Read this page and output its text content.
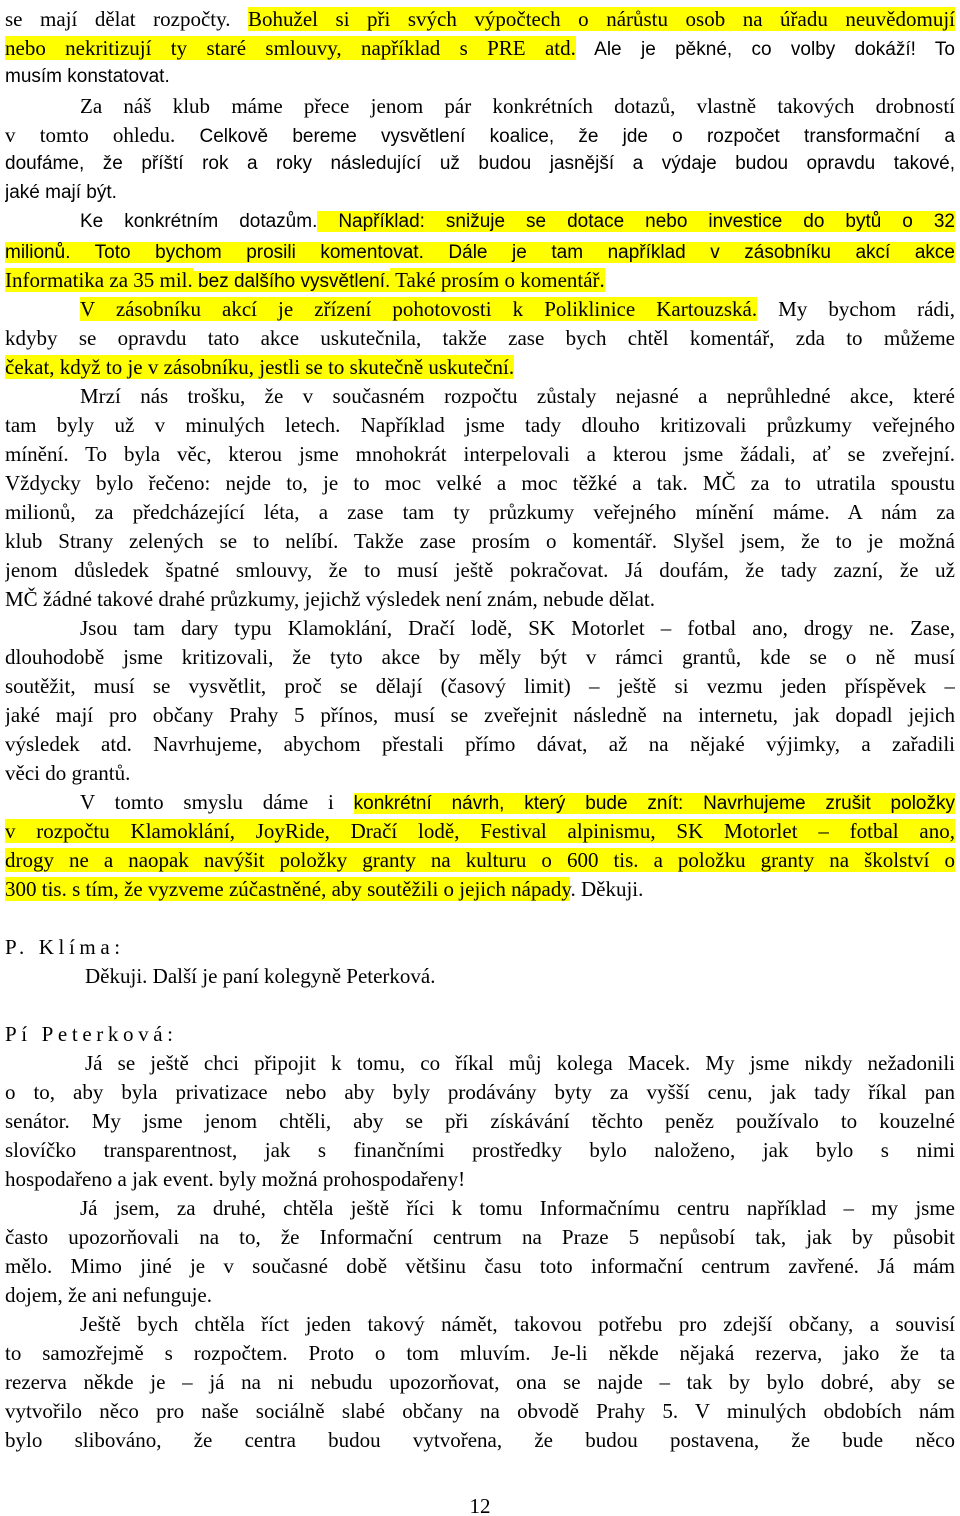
se mají dělat rozpočty. Bohužel si při svých výpočtech o nárůstu osob na úřadu neuvědomují
nebo nekritizují ty staré smlouvy, například s PRE atd. Ale je pěkné, co volby dokáží! To
musím konstatovat.
Za náš klub máme přece jenom pár konkrétních dotazů, vlastně takových drobností
v tomto ohledu. Celkově bereme vysvětlení koalice, že jde o rozpočet transformační a
doufáme, že příští rok a roky následující už budou jasnější a výdaje budou opravdu takové,
jaké mají být.
Ke konkrétním dotazům. Například: snižuje se dotace nebo investice do bytů o 32
milionů. Toto bychom prosili komentovat. Dále je tam například v zásobníku akcí akce
Informatika za 35 mil. bez dalšího vysvětlení. Také prosím o komentář.
V zásobníku akcí je zřízení pohotovosti k Poliklinice Kartouzská. My bychom rádi,
kdyby se opravdu tato akce uskutečnila, takže zase bych chtěl komentář, zda to můžeme
čekat, když to je v zásobníku, jestli se to skutečně uskuteční.
Mrzí nás trošku, že v současném rozpočtu zůstaly nejasné a neprůhledné akce, které
tam byly už v minulých letech. Například jsme tady dlouho kritizovali průzkumy veřejného
mínění. To byla věc, kterou jsme mnohokrát interpelovali a kterou jsme žádali, ať se zveřejní.
Vždycky bylo řečeno: nejde to, je to moc velké a moc těžké a tak. MČ za to utratila spoustu
milionů, za předcházející léta, a zase tam ty průzkumy veřejného mínění máme. A nám za
klub Strany zelených se to nelíbí. Takže zase prosím o komentář. Slyšel jsem, že to je možná
jenom důsledek špatné smlouvy, že to musí ještě pokračovat. Já doufám, že tady zazní, že už
MČ žádné takové drahé průzkumy, jejichž výsledek není znám, nebude dělat.
Jsou tam dary typu Klamoklání, Dračí lodě, SK Motorlet – fotbal ano, drogy ne. Zase,
dlouhodobě jsme kritizovali, že tyto akce by měly být v rámci grantů, kde se o ně musí
soutěžit, musí se vysvětlit, proč se dělají (časový limit) – ještě si vezmu jeden příspěvek –
jaké mají pro občany Prahy 5 přínos, musí se zveřejnit následně na internetu, jak dopadl jejich
výsledek atd. Navrhujeme, abychom přestali přímo dávat, až na nějaké výjimky, a zařadili
věci do grantů.
V tomto smyslu dáme i konkrétní návrh, který bude znít: Navrhujeme zrušit položky
v rozpočtu Klamoklání, JoyRide, Dračí lodě, Festival alpinismu, SK Motorlet – fotbal ano,
drogy ne a naopak navýšit položky granty na kulturu o 600 tis. a položku granty na školství o
300 tis. s tím, že vyzveme zúčastněné, aby soutěžili o jejich nápady. Děkuji.
P. Klíma:
Děkuji. Další je paní kolegyně Peterková.
Pí Peterková:
Já se ještě chci připojit k tomu, co říkal můj kolega Macek. My jsme nikdy nežadonili
o to, aby byla privatizace nebo aby byly prodávány byty za vyšší cenu, jak tady říkal pan
senátor. My jsme jenom chtěli, aby se při získávání těchto peněz používalo to kouzelné
slovíčko transparentnost, jak s finančními prostředky bylo naloženo, jak bylo s nimi
hospodařeno a jak event. byly možná prohospodařeny!
Já jsem, za druhé, chtěla ještě říci k tomu Informačnímu centru například – my jsme
často upozorňovali na to, že Informační centrum na Praze 5 nepůsobí tak, jak by působit
mělo. Mimo jiné je v současné době většinu času toto informační centrum zavřené. Já mám
dojem, že ani nefunguje.
Ještě bych chtěla říct jeden takový námět, takovou potřebu pro zdejší občany, a souvisí
to samozřejmě s rozpočtem. Proto o tom mluvím. Je-li někde nějaká rezerva, jako že ta
rezerva někde je – já na ni nebudu upozorňovat, ona se najde – tak by bylo dobré, aby se
vytvořilo něco pro naše sociálně slabé občany na obvodě Prahy 5. V minulých obdobích nám
bylo slibováno, že centra budou vytvořena, že budou postavena, že bude něco
12
